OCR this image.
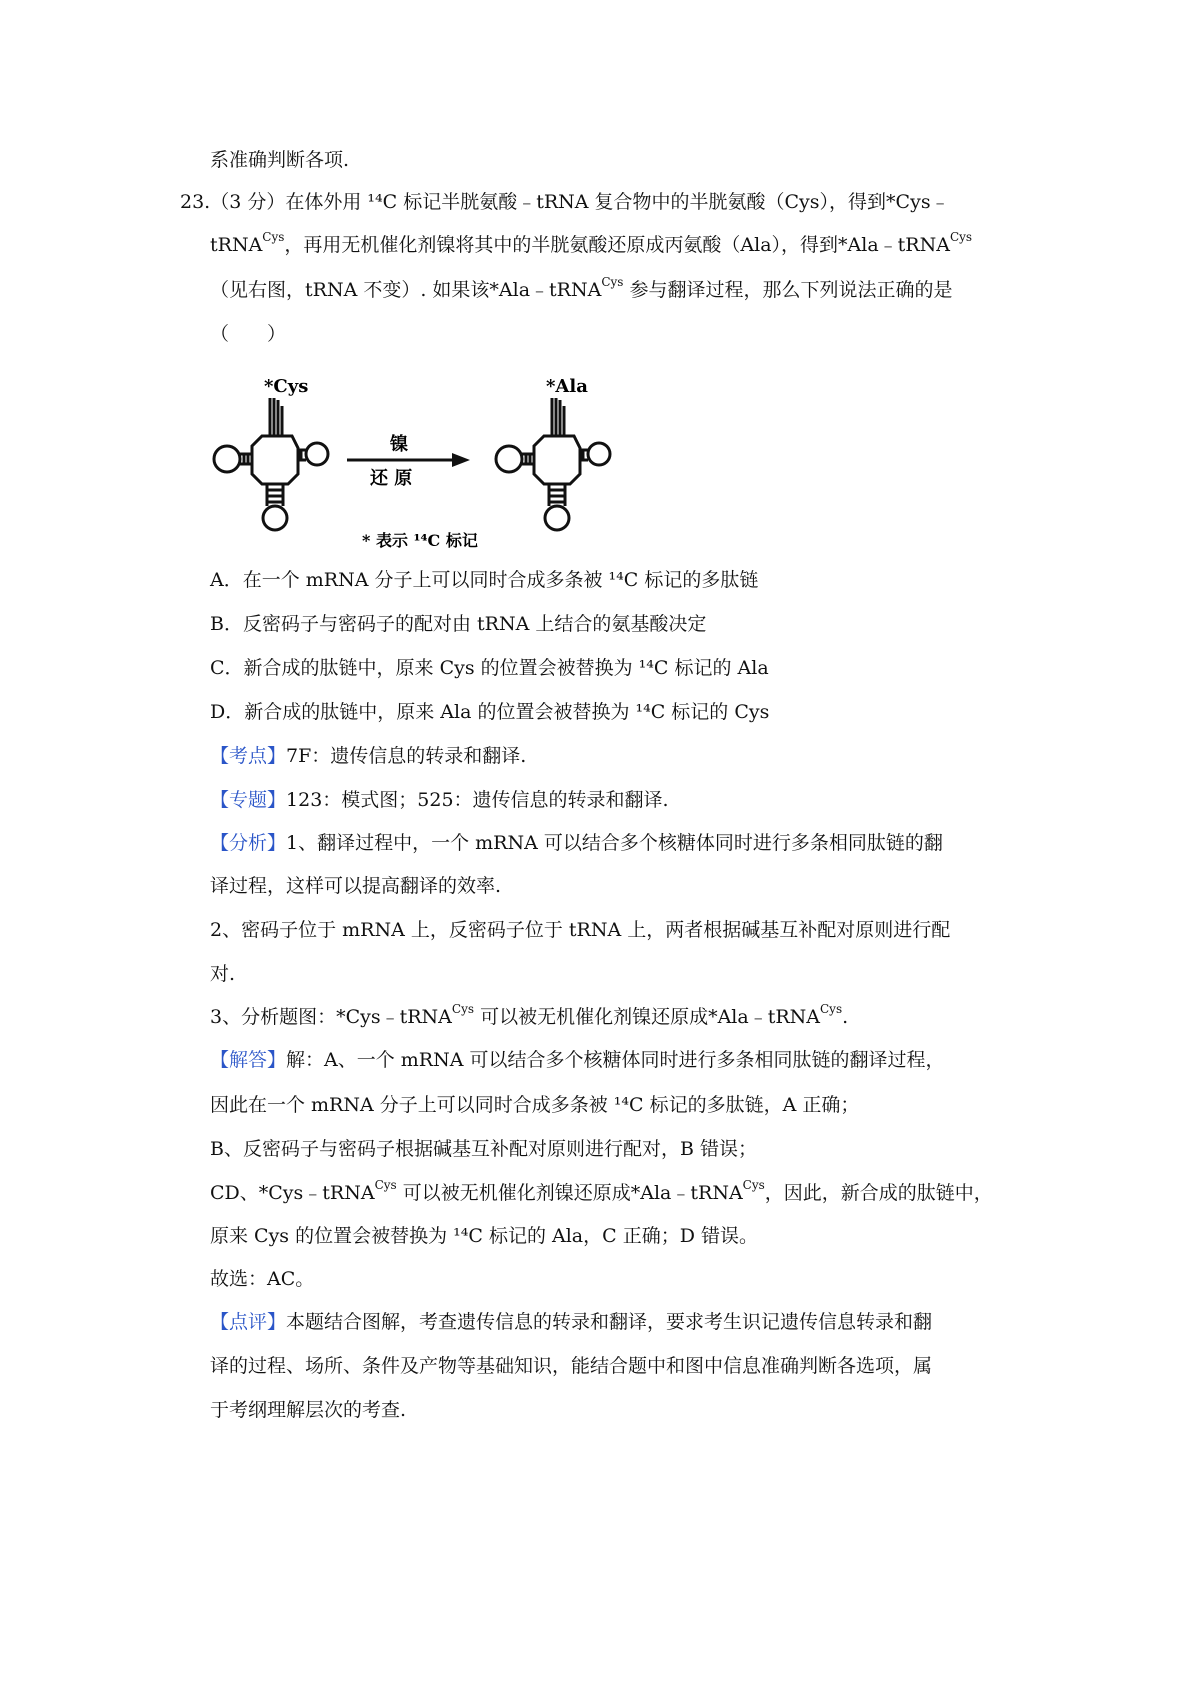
系准确判断各项.
23.（3 分）在体外用 ¹⁴C 标记半胱氨酸﹣tRNA 复合物中的半胱氨酸（Cys），得到*Cys﹣
tRNA$^{Cys}$，再用无机催化剂镍将其中的半胱氨酸还原成丙氨酸（Ala），得到*Ala﹣tRNA$^{Cys}$
（见右图，tRNA 不变）. 如果该*Ala﹣tRNA$^{Cys}$ 参与翻译过程，那么下列说法正确的是
（　　）
*Cys
镍
还 原
*Ala
* 表示 ¹⁴C 标记
A．在一个 mRNA 分子上可以同时合成多条被 ¹⁴C 标记的多肽链
B．反密码子与密码子的配对由 tRNA 上结合的氨基酸决定
C．新合成的肽链中，原来 Cys 的位置会被替换为 ¹⁴C 标记的 Ala
D．新合成的肽链中，原来 Ala 的位置会被替换为 ¹⁴C 标记的 Cys
【考点】7F：遗传信息的转录和翻译.
【专题】123：模式图；525：遗传信息的转录和翻译.
【分析】1、翻译过程中，一个 mRNA 可以结合多个核糖体同时进行多条相同肽链的翻
译过程，这样可以提高翻译的效率.
2、密码子位于 mRNA 上，反密码子位于 tRNA 上，两者根据碱基互补配对原则进行配
对.
3、分析题图：*Cys﹣tRNA$^{Cys}$ 可以被无机催化剂镍还原成*Ala﹣tRNA$^{Cys}$.
【解答】解：A、一个 mRNA 可以结合多个核糖体同时进行多条相同肽链的翻译过程，
因此在一个 mRNA 分子上可以同时合成多条被 ¹⁴C 标记的多肽链，A 正确；
B、反密码子与密码子根据碱基互补配对原则进行配对，B 错误；
CD、*Cys﹣tRNA$^{Cys}$ 可以被无机催化剂镍还原成*Ala﹣tRNA$^{Cys}$，因此，新合成的肽链中，
原来 Cys 的位置会被替换为 ¹⁴C 标记的 Ala，C 正确；D 错误。
故选：AC。
【点评】本题结合图解，考查遗传信息的转录和翻译，要求考生识记遗传信息转录和翻
译的过程、场所、条件及产物等基础知识，能结合题中和图中信息准确判断各选项，属
于考纲理解层次的考查.
